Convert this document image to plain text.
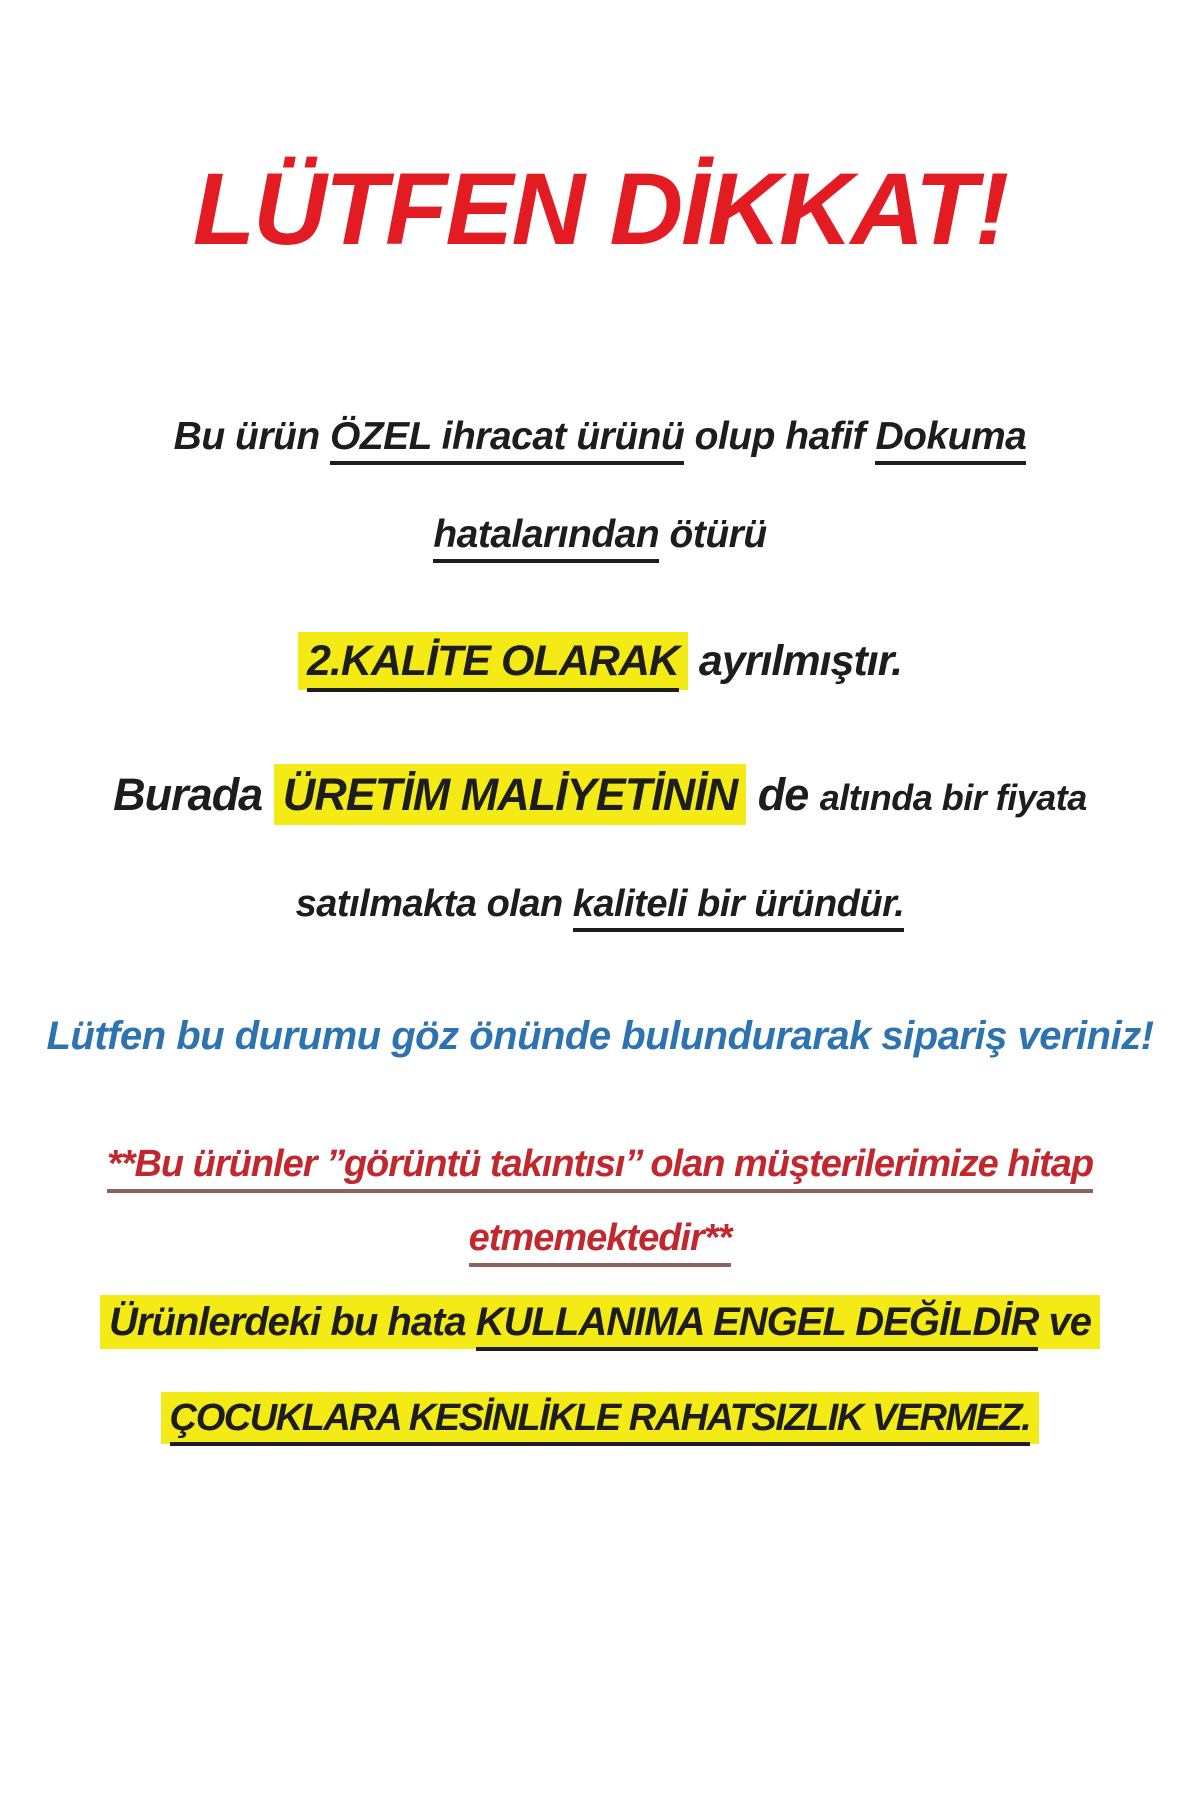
LÜTFEN DİKKAT!
Bu ürün ÖZEL ihracat ürünü olup hafif Dokuma
hatalarından ötürü
2.KALİTE OLARAK ayrılmıştır.
Burada ÜRETİM MALİYETİNİN de altında bir fiyata
satılmakta olan kaliteli bir üründür.
Lütfen bu durumu göz önünde bulundurarak sipariş veriniz!
**Bu ürünler ’’görüntü takıntısı’’ olan müşterilerimize hitap
etmemektedir**
Ürünlerdeki bu hata KULLANIMA ENGEL DEĞİLDİR ve
ÇOCUKLARA KESİNLİKLE RAHATSIZLIK VERMEZ.
